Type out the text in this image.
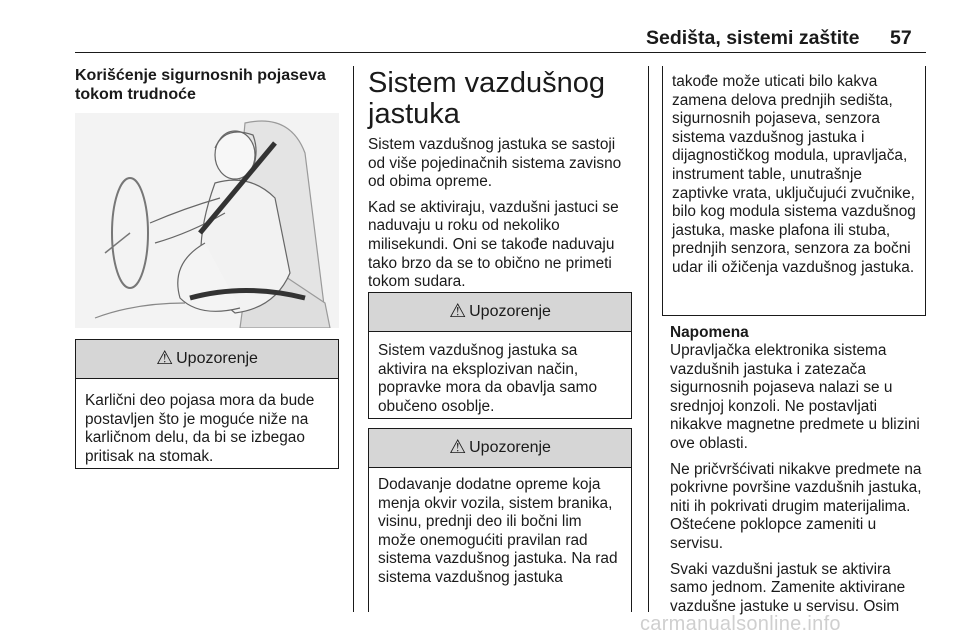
Sedišta, sistemi zaštite 57
Korišćenje sigurnosnih pojaseva tokom trudnoće
⚠ Upozorenje
Karlični deo pojasa mora da bude postavljen što je moguće niže na karličnom delu, da bi se izbegao pritisak na stomak.
Sistem vazdušnog jastuka

Sistem vazdušnog jastuka se sastoji od više pojedinačnih sistema zavisno od obima opreme.

Kad se aktiviraju, vazdušni jastuci se naduvaju u roku od nekoliko milisekundi. Oni se takođe naduvaju tako brzo da se to obično ne primeti tokom sudara.

⚠ Upozorenje
Sistem vazdušnog jastuka sa aktivira na eksplozivan način, popravke mora da obavlja samo obučeno osoblje.
⚠ Upozorenje
Dodavanje dodatne opreme koja menja okvir vozila, sistem branika, visinu, prednji deo ili bočni lim može onemogućiti pravilan rad sistema vazdušnog jastuka. Na rad sistema vazdušnog jastuka
takođe može uticati bilo kakva zamena delova prednjih sedišta, sigurnosnih pojaseva, senzora sistema vazdušnog jastuka i dijagnostičkog modula, upravljača, instrument table, unutrašnje zaptivke vrata, uključujući zvučnike, bilo kog modula sistema vazdušnog jastuka, maske plafona ili stuba, prednjih senzora, senzora za bočni udar ili ožičenja vazdušnog jastuka.
Napomena

Upravljačka elektronika sistema vazdušnih jastuka i zatezača sigurnosnih pojaseva nalazi se u srednjoj konzoli. Ne postavljati nikakve magnetne predmete u blizini ove oblasti.

Ne pričvršćivati nikakve predmete na pokrivne površine vazdušnih jastuka, niti ih pokrivati drugim materijalima. Oštećene poklopce zameniti u servisu.

Svaki vazdušni jastuk se aktivira samo jednom. Zamenite aktivirane vazdušne jastuke u servisu. Osim

carmanualsonline.info
